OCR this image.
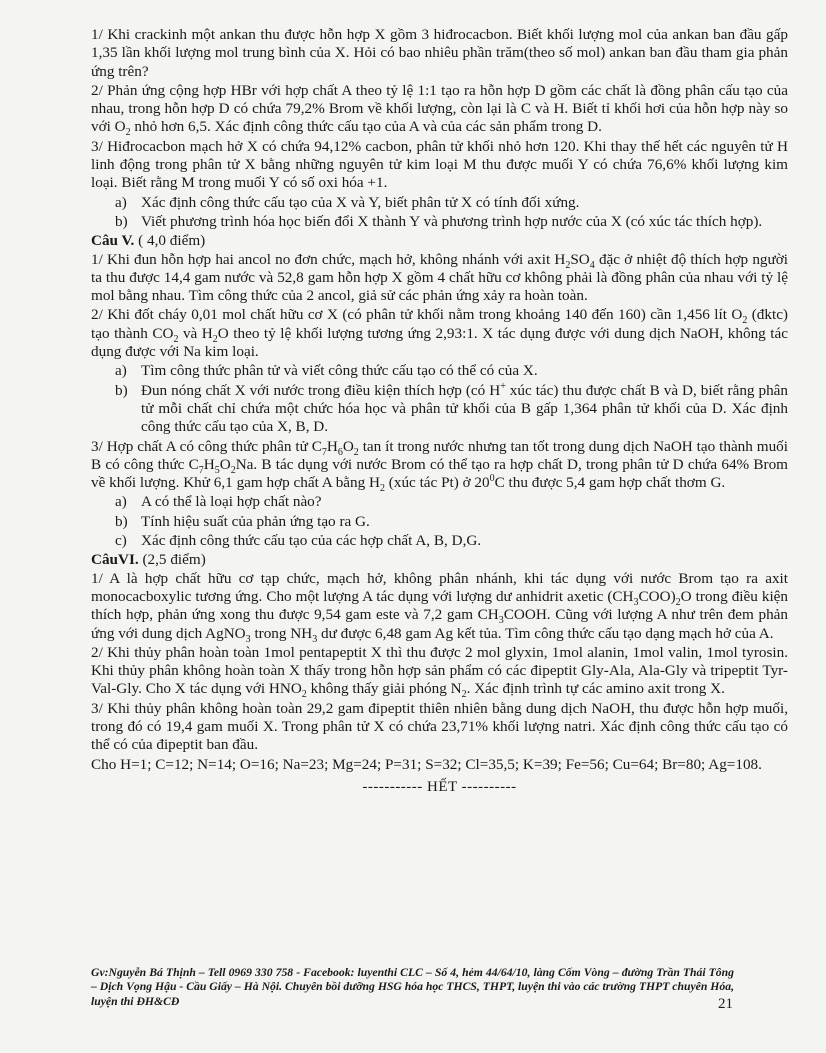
1/ Khi crackinh một ankan thu được hỗn hợp X gồm 3 hiđrocacbon. Biết khối lượng mol của ankan ban đầu gấp 1,35 lần khối lượng mol trung bình của X. Hỏi có bao nhiêu phần trăm(theo số mol) ankan ban đầu tham gia phản ứng trên?

2/ Phản ứng cộng hợp HBr với hợp chất A theo tỷ lệ 1:1 tạo ra hỗn hợp D gồm các chất là đồng phân cấu tạo của nhau, trong hỗn hợp D có chứa 79,2% Brom về khối lượng, còn lại là C và H. Biết tỉ khối hơi của hỗn hợp này so với $O_2$ nhỏ hơn 6,5. Xác định công thức cấu tạo của A và của các sản phẩm trong D.

3/ Hiđrocacbon mạch hở X có chứa 94,12% cacbon, phân tử khối nhỏ hơn 120. Khi thay thế hết các nguyên tử H linh động trong phân tử X bằng những nguyên tử kim loại M thu được muối Y có chứa 76,6% khối lượng kim loại. Biết rằng M trong muối Y có số oxi hóa +1.

a) Xác định công thức cấu tạo của X và Y, biết phân tử X có tính đối xứng.
b) Viết phương trình hóa học biến đổi X thành Y và phương trình hợp nước của X (có xúc tác thích hợp).

Câu V. ( 4,0 điểm)

1/ Khi đun hỗn hợp hai ancol no đơn chức, mạch hở, không nhánh với axit $H_2SO_4$ đặc ở nhiệt độ thích hợp người ta thu được 14,4 gam nước và 52,8 gam hỗn hợp X gồm 4 chất hữu cơ không phải là đồng phân của nhau với tỷ lệ mol bằng nhau. Tìm công thức của 2 ancol, giả sử các phản ứng xảy ra hoàn toàn.

2/ Khi đốt cháy 0,01 mol chất hữu cơ X (có phân tử khối nằm trong khoảng 140 đến 160) cần 1,456 lít $O_2$ (đktc) tạo thành $CO_2$ và $H_2O$ theo tỷ lệ khối lượng tương ứng 2,93:1. X tác dụng được với dung dịch NaOH, không tác dụng được với Na kim loại.

a) Tìm công thức phân tử và viết công thức cấu tạo có thể có của X.
b) Đun nóng chất X với nước trong điều kiện thích hợp (có H+ xúc tác) thu được chất B và D, biết rằng phân tử mỗi chất chỉ chứa một chức hóa học và phân tử khối của B gấp 1,364 phân tử khối của D. Xác định công thức cấu tạo của X, B, D.

3/ Hợp chất A có công thức phân tử $C_7H_6O_2$ tan ít trong nước nhưng tan tốt trong dung dịch NaOH tạo thành muối B có công thức $C_7H_5O_2Na$. B tác dụng với nước Brom có thể tạo ra hợp chất D, trong phân tử D chứa 64% Brom về khối lượng. Khử 6,1 gam hợp chất A bằng $H_2$ (xúc tác Pt) ở $20^0C$ thu được 5,4 gam hợp chất thơm G.

a) A có thể là loại hợp chất nào?
b) Tính hiệu suất của phản ứng tạo ra G.
c) Xác định công thức cấu tạo của các hợp chất A, B, D,G.

CâuVI. (2,5 điểm)

1/ A là hợp chất hữu cơ tạp chức, mạch hở, không phân nhánh, khi tác dụng với nước Brom tạo ra axit monocacboxylic tương ứng. Cho một lượng A tác dụng với lượng dư anhidrit axetic $(CH_3COO)_2O$ trong điều kiện thích hợp, phản ứng xong thu được 9,54 gam este và 7,2 gam $CH_3COOH$. Cũng với lượng A như trên đem phản ứng với dung dịch AgNO$_3$ trong $NH_3$ dư được 6,48 gam Ag kết tủa. Tìm công thức cấu tạo dạng mạch hở của A.

2/ Khi thủy phân hoàn toàn 1mol pentapeptit X thì thu được 2 mol glyxin, 1mol alanin, 1mol valin, 1mol tyrosin. Khi thủy phân không hoàn toàn X thấy trong hỗn hợp sản phẩm có các đipeptit Gly-Ala, Ala-Gly và tripeptit Tyr-Val-Gly. Cho X tác dụng với $HNO_2$ không thấy giải phóng $N_2$. Xác định trình tự các amino axit trong X.

3/ Khi thủy phân không hoàn toàn 29,2 gam đipeptit thiên nhiên bằng dung dịch NaOH, thu được hỗn hợp muối, trong đó có 19,4 gam muối X. Trong phân tử X có chứa 23,71% khối lượng natri. Xác định công thức cấu tạo có thể có của đipeptit ban đầu.

Cho H=1; C=12; N=14; O=16; Na=23; Mg=24; P=31; S=32; Cl=35,5; K=39; Fe=56; Cu=64; Br=80; Ag=108.

----------- HẾT ----------
Gv:Nguyễn Bá Thịnh – Tell 0969 330 758 - Facebook: luyenthi CLC – Số 4, hẻm 44/64/10, làng Cốm Vòng – đường Trần Thái Tông – Dịch Vọng Hậu - Cầu Giấy – Hà Nội. Chuyên bồi dưỡng HSG hóa học THCS, THPT, luyện thi vào các trường THPT chuyên Hóa, luyện thi ĐH&CĐ	21
